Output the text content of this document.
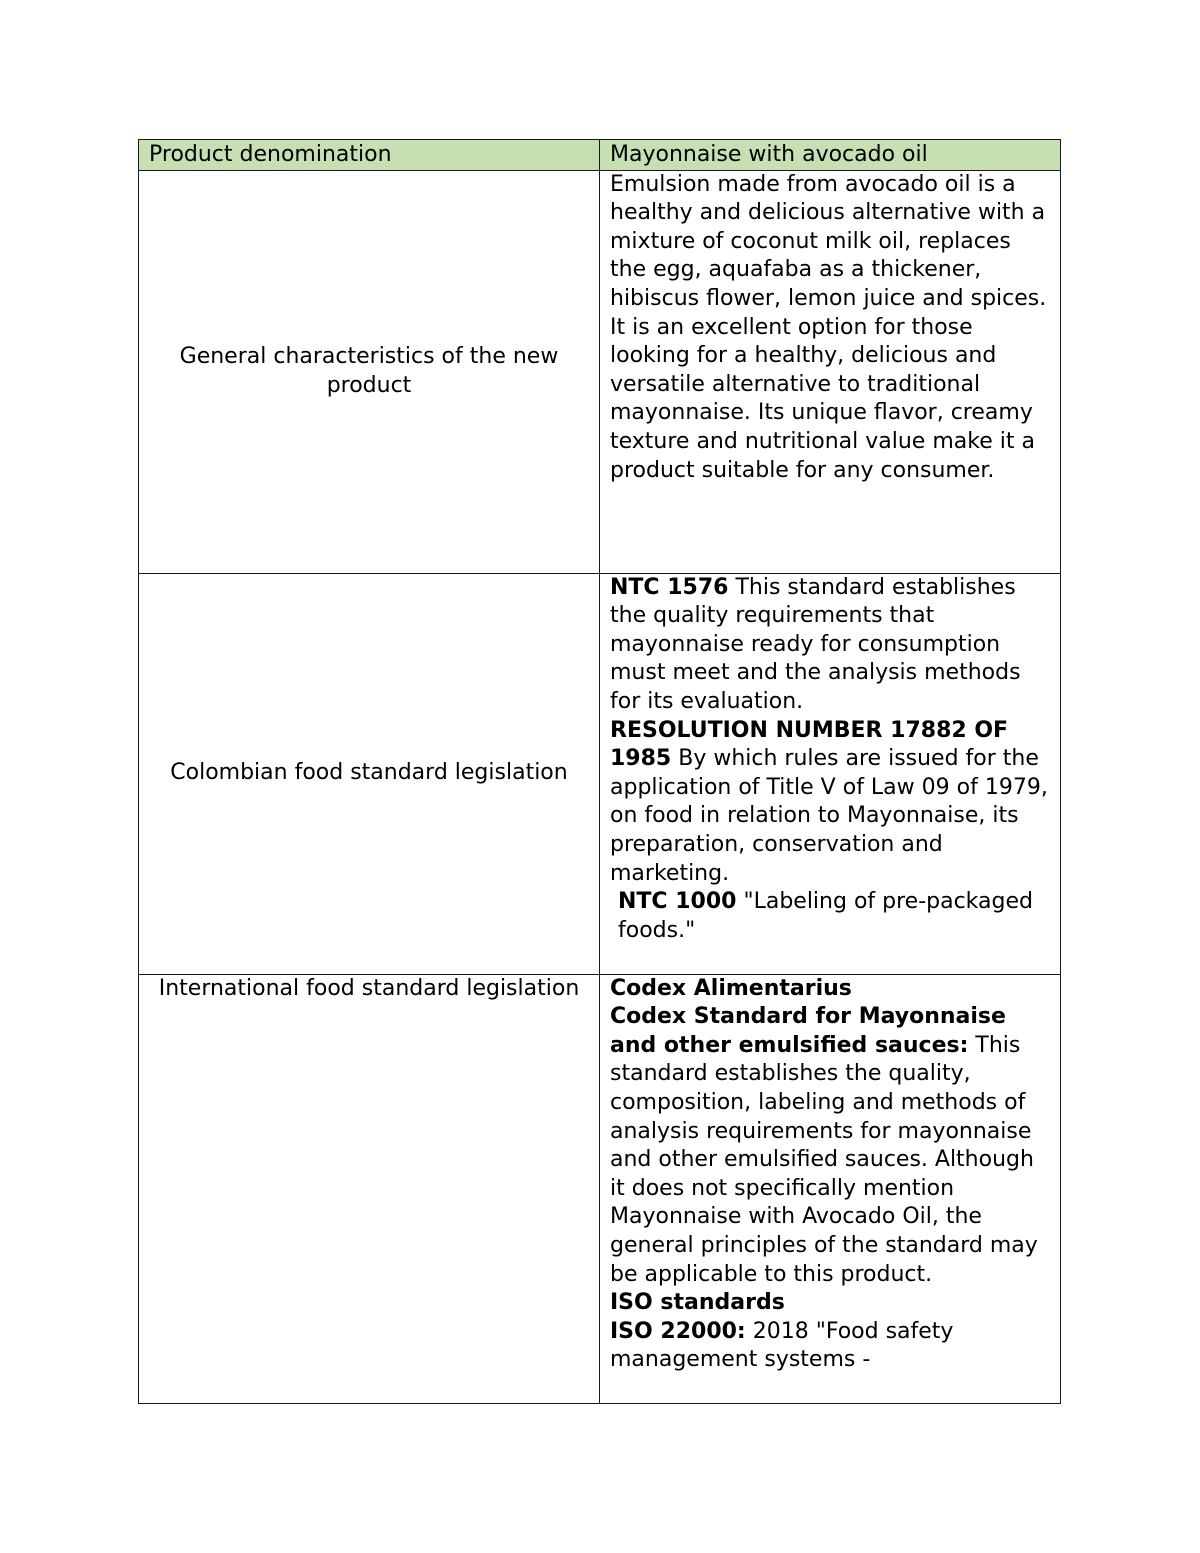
Product denomination	Mayonnaise with avocado oil
General characteristics of the new product	Emulsion made from avocado oil is a healthy and delicious alternative with a mixture of coconut milk oil, replaces the egg, aquafaba as a thickener, hibiscus flower, lemon juice and spices. It is an excellent option for those looking for a healthy, delicious and versatile alternative to traditional mayonnaise. Its unique flavor, creamy texture and nutritional value make it a product suitable for any consumer.
Colombian food standard legislation	NTC 1576 This standard establishes the quality requirements that mayonnaise ready for consumption must meet and the analysis methods for its evaluation.
RESOLUTION NUMBER 17882 OF 1985 By which rules are issued for the application of Title V of Law 09 of 1979, on food in relation to Mayonnaise, its preparation, conservation and marketing.
NTC 1000 "Labeling of pre-packaged foods."

International food standard legislation	Codex Alimentarius
Codex Standard for Mayonnaise and other emulsified sauces: This standard establishes the quality, composition, labeling and methods of analysis requirements for mayonnaise and other emulsified sauces. Although it does not specifically mention Mayonnaise with Avocado Oil, the general principles of the standard may be applicable to this product.
ISO standards
ISO 22000: 2018 "Food safety management systems -
